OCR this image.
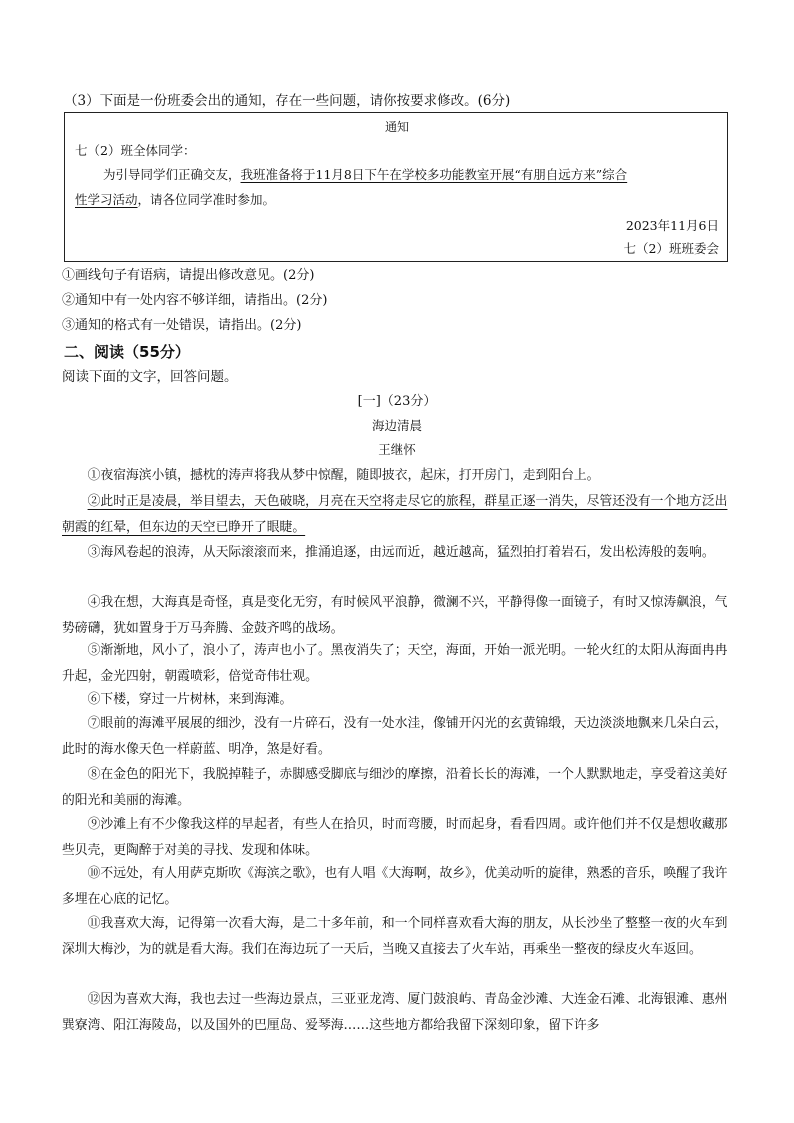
（3）下面是一份班委会出的通知，存在一些问题，请你按要求修改。(6分)
通知
七（2）班全体同学：
为引导同学们正确交友，我班准备将于11月8日下午在学校多功能教室开展“有朋自远方来”综合
性学习活动，请各位同学准时参加。
2023年11月6日
七（2）班班委会
①画线句子有语病，请提出修改意见。(2分)
②通知中有一处内容不够详细，请指出。(2分)
③通知的格式有一处错误，请指出。(2分)
二、阅读（55分）
阅读下面的文字，回答问题。
[一]（23分）
海边清晨
王继怀
①夜宿海滨小镇，撼枕的涛声将我从梦中惊醒，随即披衣，起床，打开房门，走到阳台上。
②此时正是凌晨，举目望去，天色破晓，月亮在天空将走尽它的旅程，群星正逐一消失，尽管还没有一个地方泛出朝霞的红晕，但东边的天空已睁开了眼睫。
③海风卷起的浪涛，从天际滚滚而来，推涌追逐，由远而近，越近越高，猛烈拍打着岩石，发出松涛般的轰响。
④我在想，大海真是奇怪，真是变化无穷，有时候风平浪静，微澜不兴，平静得像一面镜子，有时又惊涛飙浪，气势磅礴，犹如置身于万马奔腾、金鼓齐鸣的战场。
⑤渐渐地，风小了，浪小了，涛声也小了。黑夜消失了；天空，海面，开始一派光明。一轮火红的太阳从海面冉冉升起，金光四射，朝霞喷彩，倍觉奇伟壮观。
⑥下楼，穿过一片树林，来到海滩。
⑦眼前的海滩平展展的细沙，没有一片碎石，没有一处水洼，像铺开闪光的玄黄锦缎，天边淡淡地飘来几朵白云，此时的海水像天色一样蔚蓝、明净，煞是好看。
⑧在金色的阳光下，我脱掉鞋子，赤脚感受脚底与细沙的摩擦，沿着长长的海滩，一个人默默地走，享受着这美好的阳光和美丽的海滩。
⑨沙滩上有不少像我这样的早起者，有些人在拾贝，时而弯腰，时而起身，看看四周。或许他们并不仅是想收藏那些贝壳，更陶醉于对美的寻找、发现和体味。
⑩不远处，有人用萨克斯吹《海滨之歌》，也有人唱《大海啊，故乡》，优美动听的旋律，熟悉的音乐，唤醒了我许多埋在心底的记忆。
⑪我喜欢大海，记得第一次看大海，是二十多年前，和一个同样喜欢看大海的朋友，从长沙坐了整整一夜的火车到深圳大梅沙，为的就是看大海。我们在海边玩了一天后，当晚又直接去了火车站，再乘坐一整夜的绿皮火车返回。
⑫因为喜欢大海，我也去过一些海边景点，三亚亚龙湾、厦门鼓浪屿、青岛金沙滩、大连金石滩、北海银滩、惠州巽寮湾、阳江海陵岛，以及国外的巴厘岛、爱琴海……这些地方都给我留下深刻印象，留下许多
